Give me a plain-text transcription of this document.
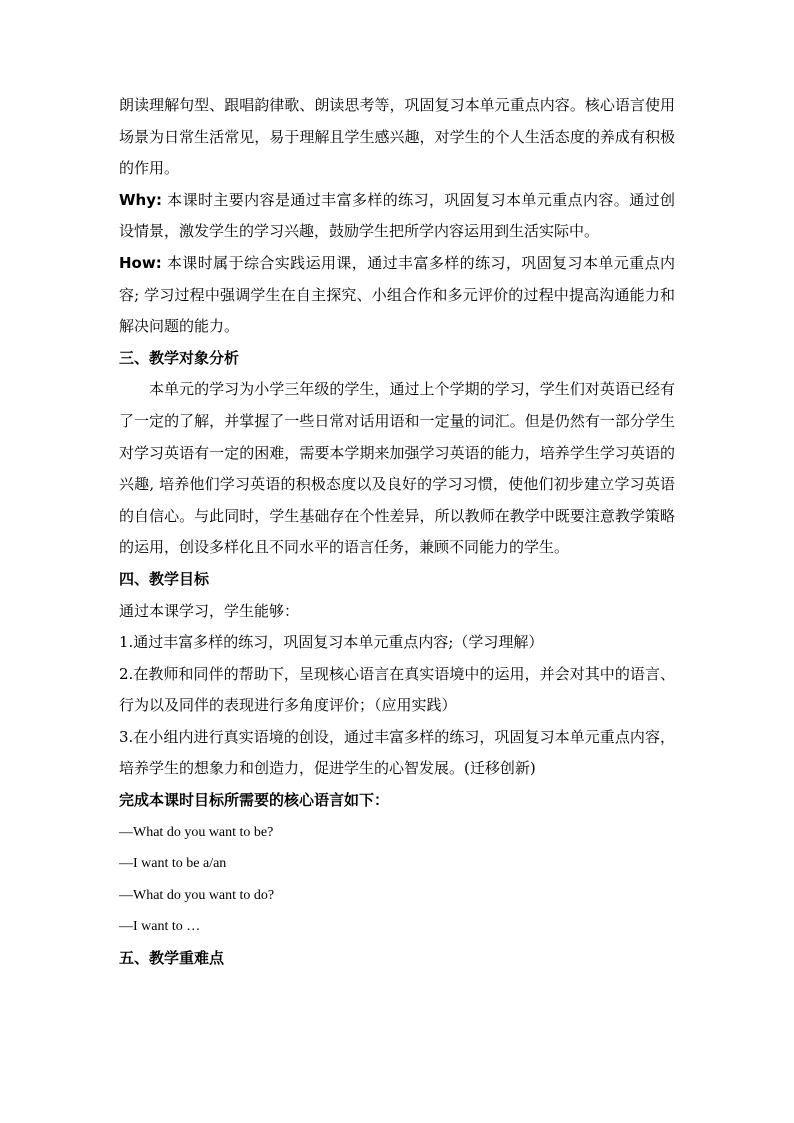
朗读理解句型、跟唱韵律歌、朗读思考等，巩固复习本单元重点内容。核心语言使用场景为日常生活常见，易于理解且学生感兴趣，对学生的个人生活态度的养成有积极的作用。

Why: 本课时主要内容是通过丰富多样的练习，巩固复习本单元重点内容。通过创设情景，激发学生的学习兴趣，鼓励学生把所学内容运用到生活实际中。

How: 本课时属于综合实践运用课，通过丰富多样的练习，巩固复习本单元重点内容; 学习过程中强调学生在自主探究、小组合作和多元评价的过程中提高沟通能力和解决问题的能力。

三、教学对象分析

本单元的学习为小学三年级的学生，通过上个学期的学习，学生们对英语已经有了一定的了解，并掌握了一些日常对话用语和一定量的词汇。但是仍然有一部分学生对学习英语有一定的困难，需要本学期来加强学习英语的能力，培养学生学习英语的兴趣, 培养他们学习英语的积极态度以及良好的学习习惯，使他们初步建立学习英语的自信心。与此同时，学生基础存在个性差异，所以教师在教学中既要注意教学策略的运用，创设多样化且不同水平的语言任务，兼顾不同能力的学生。

四、教学目标

通过本课学习，学生能够：

1.通过丰富多样的练习，巩固复习本单元重点内容;（学习理解）

2.在教师和同伴的帮助下，呈现核心语言在真实语境中的运用，并会对其中的语言、行为以及同伴的表现进行多角度评价；（应用实践）

3.在小组内进行真实语境的创设，通过丰富多样的练习，巩固复习本单元重点内容，培养学生的想象力和创造力，促进学生的心智发展。(迁移创新)

完成本课时目标所需要的核心语言如下：

—What do you want to be?

—I want to be a/an

—What do you want to do?

—I want to …

五、教学重难点
